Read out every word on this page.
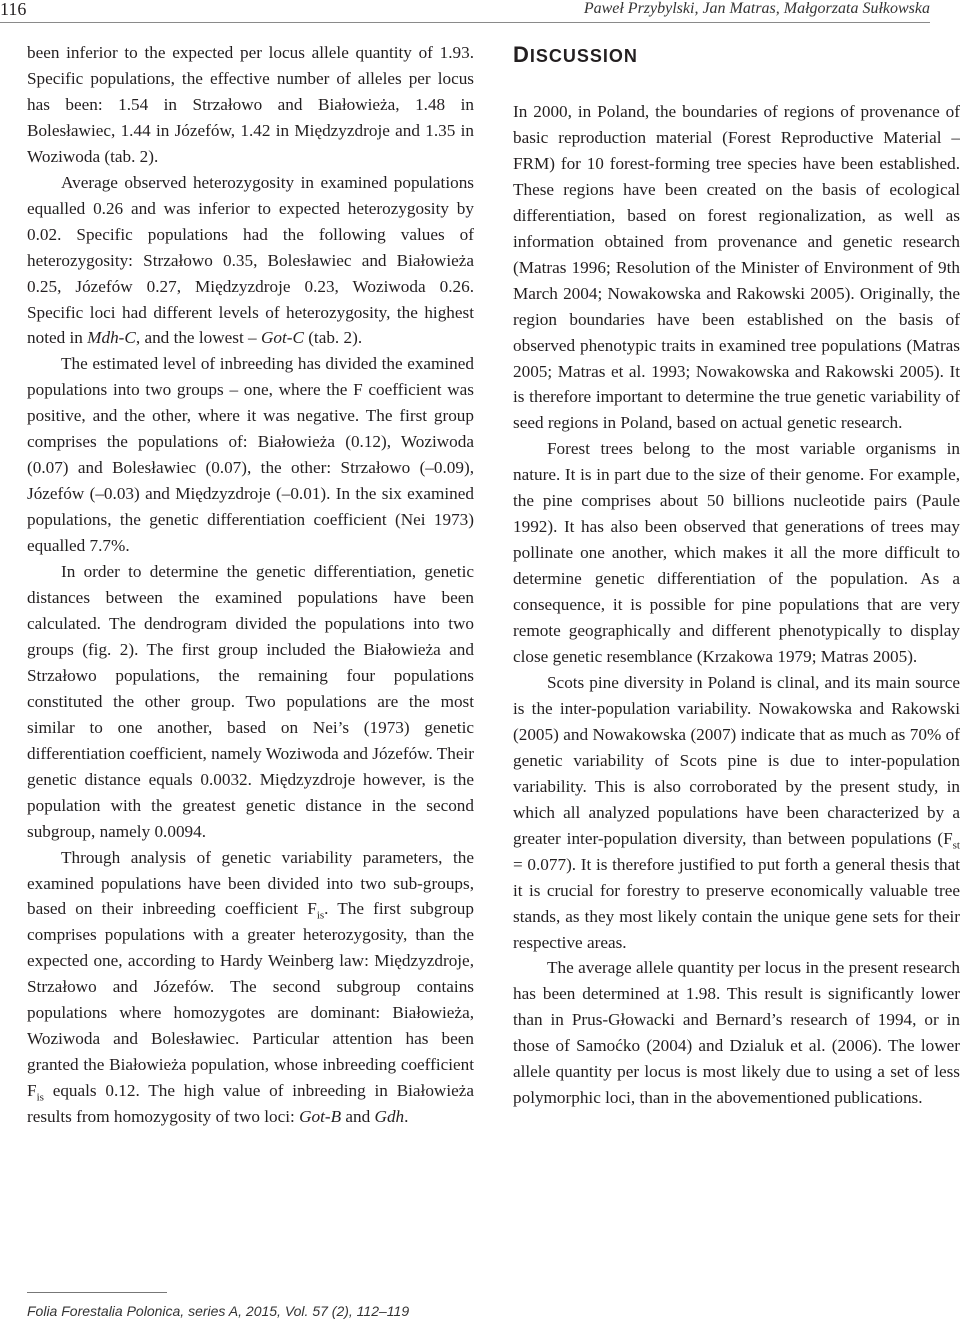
116	Paweł Przybylski, Jan Matras, Małgorzata Sułkowska

been inferior to the expected per locus allele quantity of 1.93. Specific populations, the effective number of alleles per locus has been: 1.54 in Strzałowo and Białowieża, 1.48 in Bolesławiec, 1.44 in Józefów, 1.42 in Międzyzdroje and 1.35 in Woziwoda (tab. 2).

Average observed heterozygosity in examined populations equalled 0.26 and was inferior to expected heterozygosity by 0.02. Specific populations had the following values of heterozygosity: Strzałowo 0.35, Bolesławiec and Białowieża 0.25, Józefów 0.27, Międzyzdroje 0.23, Woziwoda 0.26. Specific loci had different levels of heterozygosity, the highest noted in Mdh-C, and the lowest – Got-C (tab. 2).

The estimated level of inbreeding has divided the examined populations into two groups – one, where the F coefficient was positive, and the other, where it was negative. The first group comprises the populations of: Białowieża (0.12), Woziwoda (0.07) and Bolesławiec (0.07), the other: Strzałowo (–0.09), Józefów (–0.03) and Międzyzdroje (–0.01). In the six examined populations, the genetic differentiation coefficient (Nei 1973) equalled 7.7%.

In order to determine the genetic differentiation, genetic distances between the examined populations have been calculated. The dendrogram divided the populations into two groups (fig. 2). The first group included the Białowieża and Strzałowo populations, the remaining four populations constituted the other group. Two populations are the most similar to one another, based on Nei’s (1973) genetic differentiation coefficient, namely Woziwoda and Józefów. Their genetic distance equals 0.0032. Międzyzdroje however, is the population with the greatest genetic distance in the second subgroup, namely 0.0094.

Through analysis of genetic variability parameters, the examined populations have been divided into two sub-groups, based on their inbreeding coefficient $F_{is}$. The first subgroup comprises populations with a greater heterozygosity, than the expected one, according to Hardy Weinberg law: Międzyzdroje, Strzałowo and Józefów. The second subgroup contains populations where homozygotes are dominant: Białowieża, Woziwoda and Bolesławiec. Particular attention has been granted the Białowieża population, whose inbreeding coefficient $F_{is}$ equals 0.12. The high value of inbreeding in Białowieża results from homozygosity of two loci: Got-B and Gdh.

DISCUSSION

In 2000, in Poland, the boundaries of regions of provenance of basic reproduction material (Forest Reproductive Material – FRM) for 10 forest-forming tree species have been established. These regions have been created on the basis of ecological differentiation, based on forest regionalization, as well as information obtained from provenance and genetic research (Matras 1996; Resolution of the Minister of Environment of 9th March 2004; Nowakowska and Rakowski 2005). Originally, the region boundaries have been established on the basis of observed phenotypic traits in examined tree populations (Matras 2005; Matras et al. 1993; Nowakowska and Rakowski 2005). It is therefore important to determine the true genetic variability of seed regions in Poland, based on actual genetic research.

Forest trees belong to the most variable organisms in nature. It is in part due to the size of their genome. For example, the pine comprises about 50 billions nucleotide pairs (Paule 1992). It has also been observed that generations of trees may pollinate one another, which makes it all the more difficult to determine genetic differentiation of the population. As a consequence, it is possible for pine populations that are very remote geographically and different phenotypically to display close genetic resemblance (Krzakowa 1979; Matras 2005).

Scots pine diversity in Poland is clinal, and its main source is the inter-population variability. Nowakowska and Rakowski (2005) and Nowakowska (2007) indicate that as much as 70% of genetic variability of Scots pine is due to inter-population variability. This is also corroborated by the present study, in which all analyzed populations have been characterized by a greater inter-population diversity, than between populations $(F_{st} = 0.077)$. It is therefore justified to put forth a general thesis that it is crucial for forestry to preserve economically valuable tree stands, as they most likely contain the unique gene sets for their respective areas.

The average allele quantity per locus in the present research has been determined at 1.98. This result is significantly lower than in Prus-Głowacki and Bernard’s research of 1994, or in those of Samoćko (2004) and Dzialuk et al. (2006). The lower allele quantity per locus is most likely due to using a set of less polymorphic loci, than in the abovementioned publications.

Folia Forestalia Polonica, series A, 2015, Vol. 57 (2), 112–119
